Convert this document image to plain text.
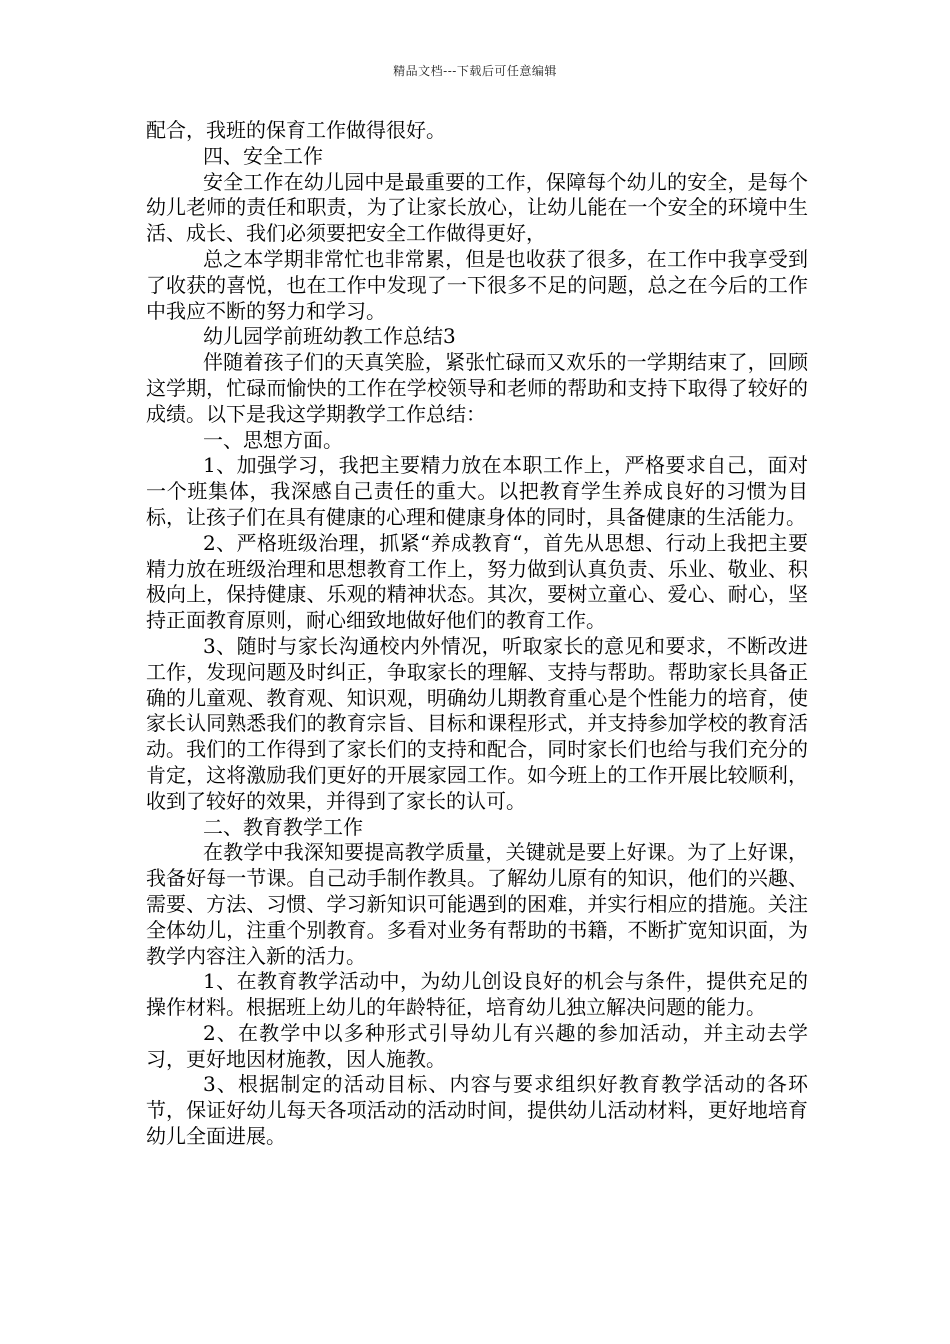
精品文档---下载后可任意编辑

配合，我班的保育工作做得很好。

四、安全工作

安全工作在幼儿园中是最重要的工作，保障每个幼儿的安全，是每个幼儿老师的责任和职责，为了让家长放心，让幼儿能在一个安全的环境中生活、成长、我们必须要把安全工作做得更好，

总之本学期非常忙也非常累，但是也收获了很多，在工作中我享受到了收获的喜悦，也在工作中发现了一下很多不足的问题，总之在今后的工作中我应不断的努力和学习。

幼儿园学前班幼教工作总结3

伴随着孩子们的天真笑脸，紧张忙碌而又欢乐的一学期结束了，回顾这学期，忙碌而愉快的工作在学校领导和老师的帮助和支持下取得了较好的成绩。以下是我这学期教学工作总结：

一、思想方面。

1、加强学习，我把主要精力放在本职工作上，严格要求自己，面对一个班集体，我深感自己责任的重大。以把教育学生养成良好的习惯为目标，让孩子们在具有健康的心理和健康身体的同时，具备健康的生活能力。

2、严格班级治理，抓紧“养成教育“，首先从思想、行动上我把主要精力放在班级治理和思想教育工作上，努力做到认真负责、乐业、敬业、积极向上，保持健康、乐观的精神状态。其次，要树立童心、爱心、耐心，坚持正面教育原则，耐心细致地做好他们的教育工作。

3、随时与家长沟通校内外情况，听取家长的意见和要求，不断改进工作，发现问题及时纠正，争取家长的理解、支持与帮助。帮助家长具备正确的儿童观、教育观、知识观，明确幼儿期教育重心是个性能力的培育，使家长认同熟悉我们的教育宗旨、目标和课程形式，并支持参加学校的教育活动。我们的工作得到了家长们的支持和配合，同时家长们也给与我们充分的肯定，这将激励我们更好的开展家园工作。如今班上的工作开展比较顺利，收到了较好的效果，并得到了家长的认可。

二、教育教学工作

在教学中我深知要提高教学质量，关键就是要上好课。为了上好课，我备好每一节课。自己动手制作教具。了解幼儿原有的知识，他们的兴趣、需要、方法、习惯、学习新知识可能遇到的困难，并实行相应的措施。关注全体幼儿，注重个别教育。多看对业务有帮助的书籍，不断扩宽知识面，为教学内容注入新的活力。

1、在教育教学活动中，为幼儿创设良好的机会与条件，提供充足的操作材料。根据班上幼儿的年龄特征，培育幼儿独立解决问题的能力。

2、在教学中以多种形式引导幼儿有兴趣的参加活动，并主动去学习，更好地因材施教，因人施教。

3、根据制定的活动目标、内容与要求组织好教育教学活动的各环节，保证好幼儿每天各项活动的活动时间，提供幼儿活动材料，更好地培育幼儿全面进展。
